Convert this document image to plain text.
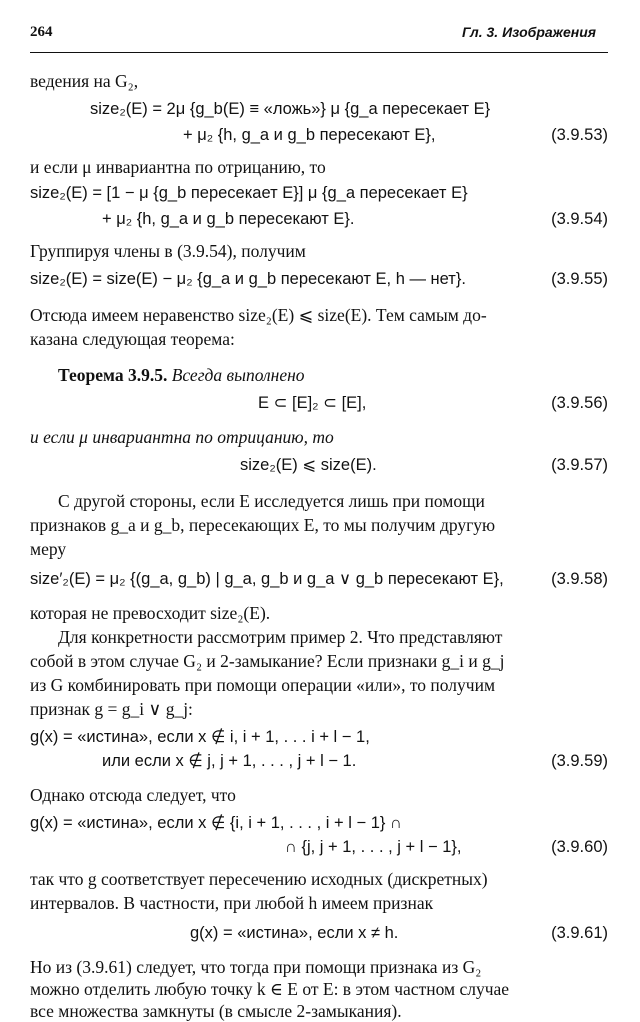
264	Гл. 3. Изображения
ведения на G₂,
size₂(E) = 2μ {g_b(E) ≡ «ложь»} μ {g_a пересекает E}
+ μ₂ {h, g_a и g_b пересекают E},	(3.9.53)
и если μ инвариантна по отрицанию, то
size₂(E) = [1 − μ {g_b пересекает E}] μ {g_a пересекает E}
+ μ₂ {h, g_a и g_b пересекают E}.	(3.9.54)
Группируя члены в (3.9.54), получим
size₂(E) = size(E) − μ₂ {g_a и g_b пересекают E, h — нет}.	(3.9.55)
Отсюда имеем неравенство size₂(E) ⩽ size(E). Тем самым до-
казана следующая теорема:
Теорема 3.9.5. Всегда выполнено
E ⊂ [E]₂ ⊂ [E],	(3.9.56)
и если μ инвариантна по отрицанию, то
size₂(E) ⩽ size(E).	(3.9.57)
С другой стороны, если E исследуется лишь при помощи
признаков g_a и g_b, пересекающих E, то мы получим другую
меру
size′₂(E) = μ₂ {(g_a, g_b) | g_a, g_b и g_a ∨ g_b пересекают E},	(3.9.58)
которая не превосходит size₂(E).
Для конкретности рассмотрим пример 2. Что представляют
собой в этом случае G₂ и 2-замыкание? Если признаки g_i и g_j
из G комбинировать при помощи операции «или», то получим
признак g = g_i ∨ g_j:
g(x) = «истина», если x ∉ i, i + 1, . . . i + l − 1,
или если x ∉ j, j + 1, . . . , j + l − 1.	(3.9.59)
Однако отсюда следует, что
g(x) = «истина», если x ∉ {i, i + 1, . . . , i + l − 1} ∩
∩ {j, j + 1, . . . , j + l − 1},	(3.9.60)
так что g соответствует пересечению исходных (дискретных)
интервалов. В частности, при любой h имеем признак
g(x) = «истина», если x ≠ h.	(3.9.61)
Но из (3.9.61) следует, что тогда при помощи признака из G₂
можно отделить любую точку k ∈ E от E: в этом частном случае
все множества замкнуты (в смысле 2-замыкания).
